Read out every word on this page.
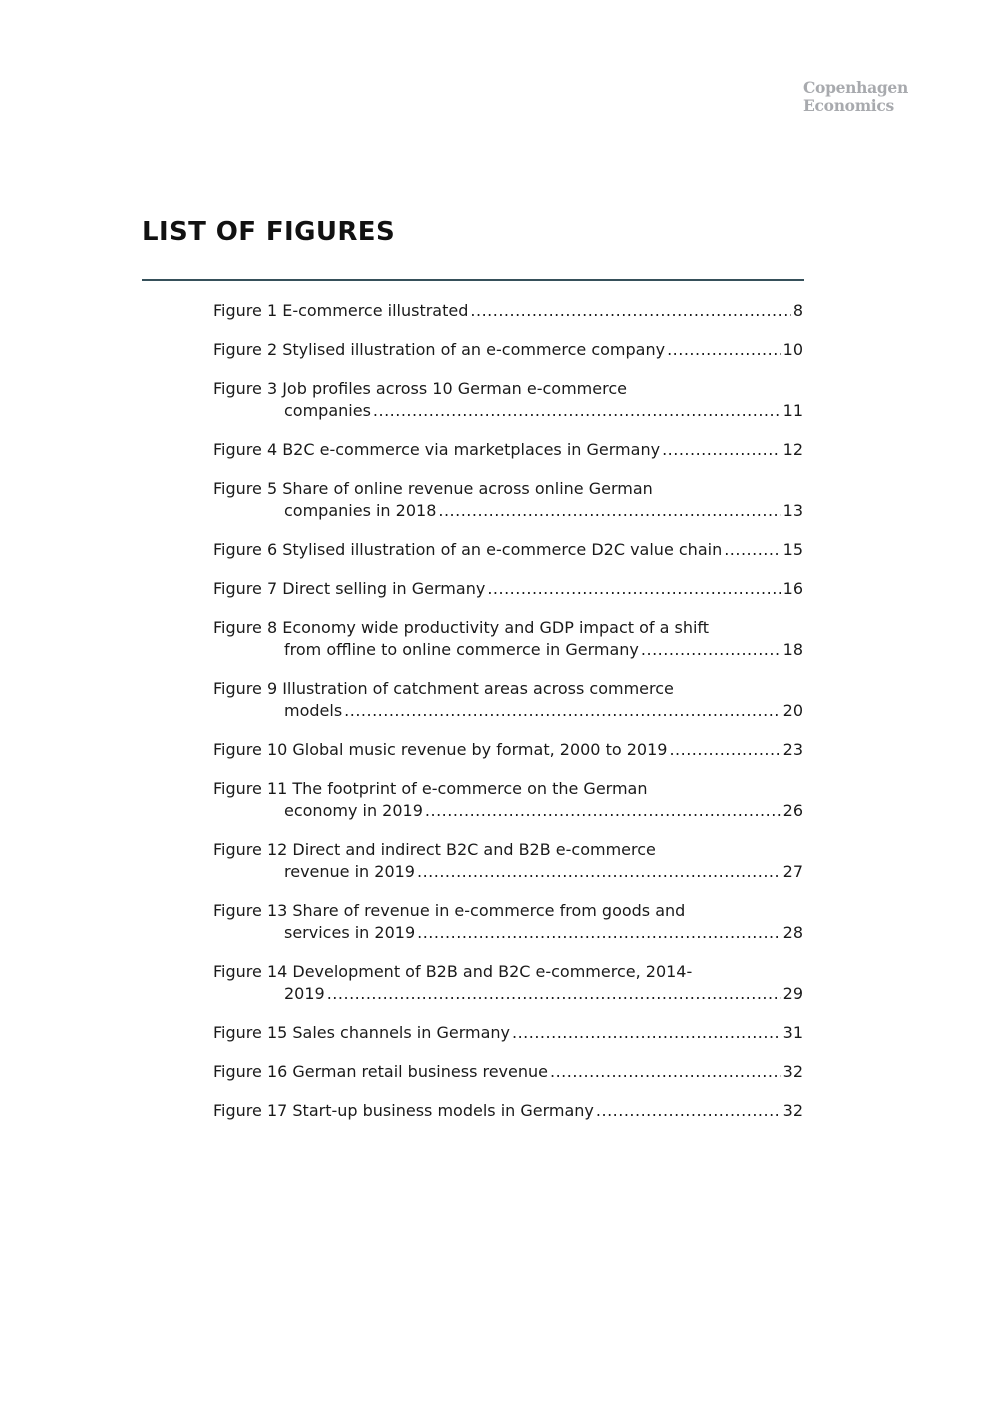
Copenhagen
Economics
LIST OF FIGURES
Figure 1 E-commerce illustrated .....	8
Figure 2 Stylised illustration of an e-commerce company .....	10
Figure 3 Job profiles across 10 German e-commerce
companies .....	11
Figure 4 B2C e-commerce via marketplaces in Germany .....	12
Figure 5 Share of online revenue across online German
companies in 2018 .....	13
Figure 6 Stylised illustration of an e-commerce D2C value chain .....	15
Figure 7 Direct selling in Germany .....	16
Figure 8 Economy wide productivity and GDP impact of a shift
from offline to online commerce in Germany .....	18
Figure 9 Illustration of catchment areas across commerce
models .....	20
Figure 10 Global music revenue by format, 2000 to 2019 .....	23
Figure 11 The footprint of e-commerce on the German
economy in 2019 .....	26
Figure 12 Direct and indirect B2C and B2B e-commerce
revenue in 2019 .....	27
Figure 13 Share of revenue in e-commerce from goods and
services in 2019 .....	28
Figure 14 Development of B2B and B2C e-commerce, 2014-
2019 .....	29
Figure 15 Sales channels in Germany .....	31
Figure 16 German retail business revenue .....	32
Figure 17 Start-up business models in Germany .....	32
